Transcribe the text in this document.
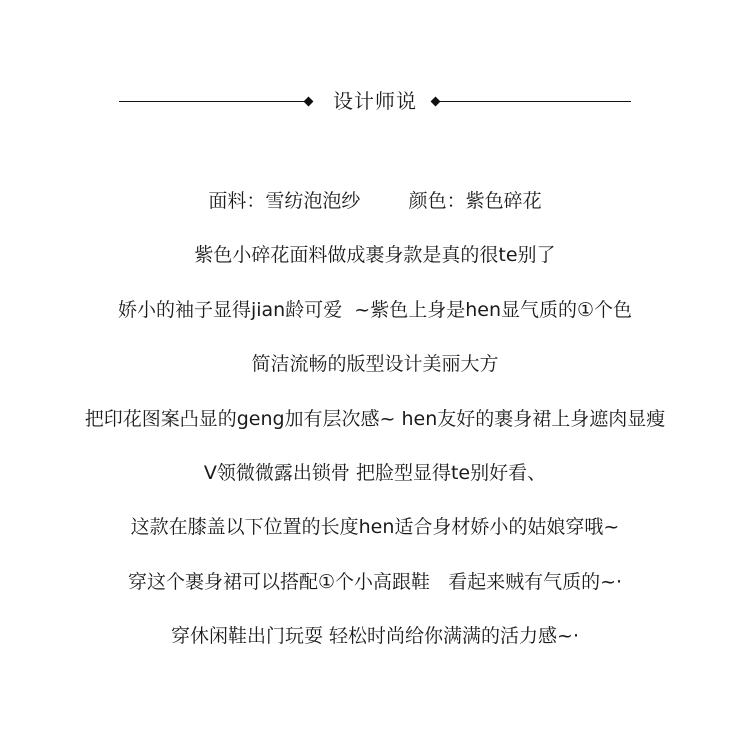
设计师说
面料：雪纺泡泡纱        颜色：紫色碎花
紫色小碎花面料做成裹身款是真的很te别了
娇小的袖子显得jian龄可爱  ~紫色上身是hen显气质的①个色
简洁流畅的版型设计美丽大方
把印花图案凸显的geng加有层次感~ hen友好的裹身裙上身遮肉显瘦
V领微微露出锁骨 把脸型显得te别好看、
这款在膝盖以下位置的长度hen适合身材娇小的姑娘穿哦~
穿这个裹身裙可以搭配①个小高跟鞋   看起来贼有气质的~·
穿休闲鞋出门玩耍 轻松时尚给你满满的活力感~·
